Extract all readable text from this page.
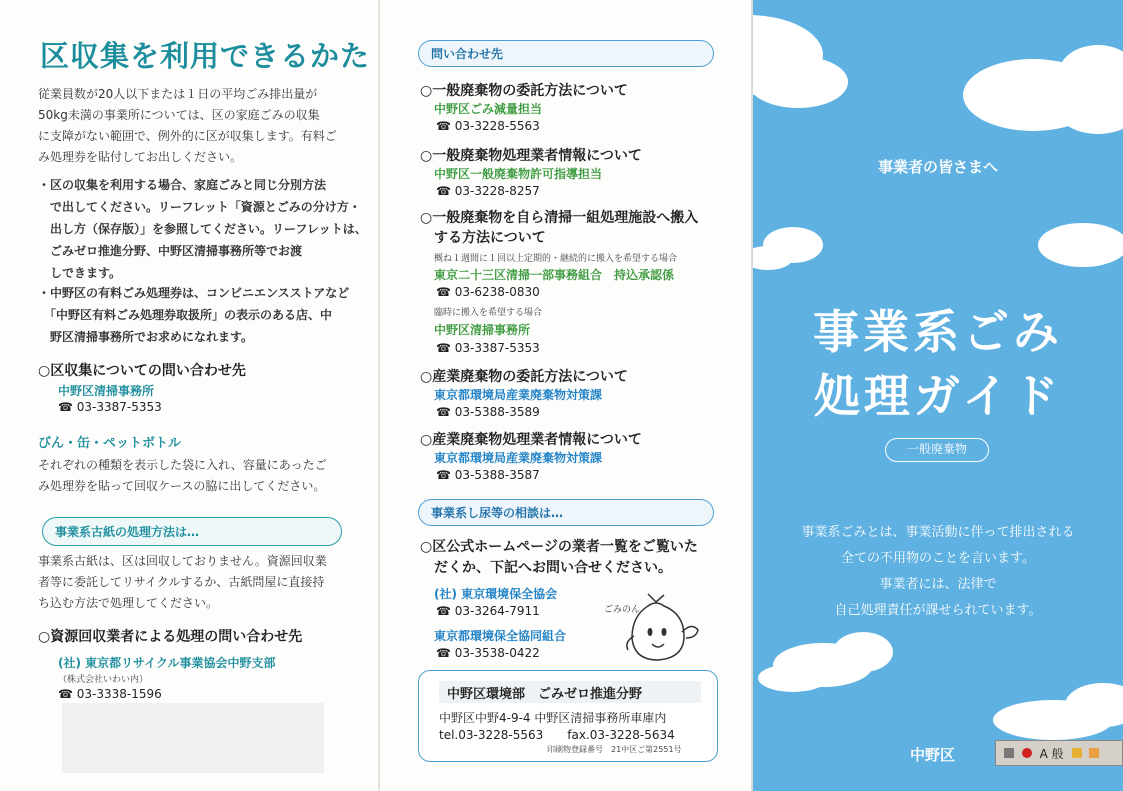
区収集を利用できるかた
従業員数が20人以下または１日の平均ごみ排出量が
50kg未満の事業所については、区の家庭ごみの収集
に支障がない範囲で、例外的に区が収集します。有料ご
み処理券を貼付してお出しください。
・区の収集を利用する場合、家庭ごみと同じ分別方法
　で出してください。リーフレット「資源とごみの分け方・
　出し方（保存版）」を参照してください。リーフレットは、
　ごみゼロ推進分野、中野区清掃事務所等でお渡
　しできます。
・中野区の有料ごみ処理券は、コンビニエンスストアなど
　「中野区有料ごみ処理券取扱所」の表示のある店、中
　野区清掃事務所でお求めになれます。
○区収集についての問い合わせ先
中野区清掃事務所
☎ 03-3387-5353
びん・缶・ペットボトル
それぞれの種類を表示した袋に入れ、容量にあったご
み処理券を貼って回収ケースの脇に出してください。
事業系古紙の処理方法は…
事業系古紙は、区は回収しておりません。資源回収業
者等に委託してリサイクルするか、古紙問屋に直接持
ち込む方法で処理してください。
○資源回収業者による処理の問い合わせ先
(社) 東京都リサイクル事業協会中野支部
（株式会社いわい内）
☎ 03-3338-1596
問い合わせ先
○一般廃棄物の委託方法について
中野区ごみ減量担当
☎ 03-3228-5563
○一般廃棄物処理業者情報について
中野区一般廃棄物許可指導担当
☎ 03-3228-8257
○一般廃棄物を自ら清掃一組処理施設へ搬入
　する方法について
概ね１週間に１回以上定期的・継続的に搬入を希望する場合
東京二十三区清掃一部事務組合　持込承認係
☎ 03-6238-0830
臨時に搬入を希望する場合
中野区清掃事務所
☎ 03-3387-5353
○産業廃棄物の委託方法について
東京都環境局産業廃棄物対策課
☎ 03-5388-3589
○産業廃棄物処理業者情報について
東京都環境局産業廃棄物対策課
☎ 03-5388-3587
事業系し尿等の相談は…
○区公式ホームページの業者一覧をご覧いた
　だくか、下記へお問い合せください。
(社) 東京環境保全協会
☎ 03-3264-7911
東京都環境保全協同組合
☎ 03-3538-0422
ごみのん
中野区環境部　ごみゼロ推進分野
中野区中野4-9-4 中野区清掃事務所車庫内
tel.03-3228-5563　　fax.03-3228-5634
印刷物登録番号　21中区ご第2551号
事業者の皆さまへ
事業系ごみ
処理ガイド
一般廃棄物
事業系ごみとは、事業活動に伴って排出される
全ての不用物のことを言います。
事業者には、法律で
自己処理責任が課せられています。
中野区	A 般
